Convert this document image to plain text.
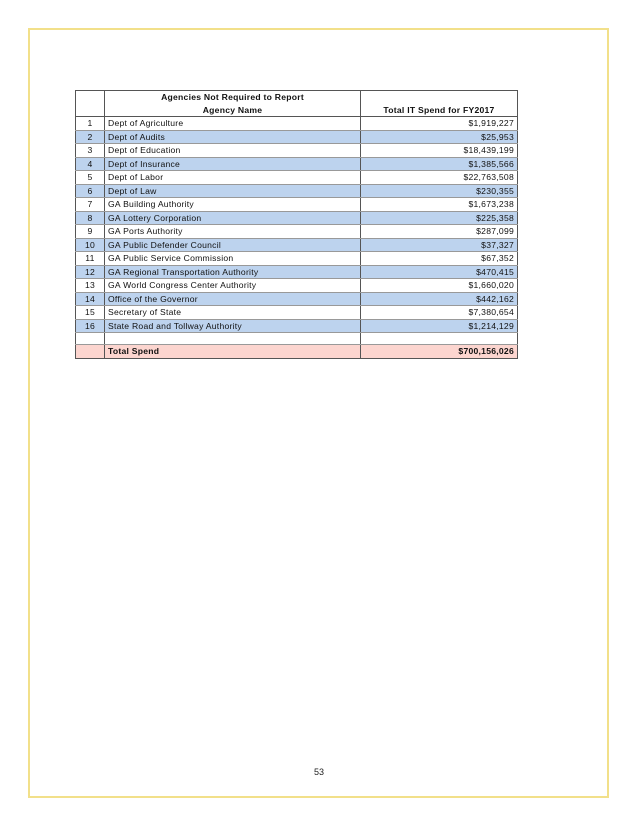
	Agencies Not Required to Report	
	Agency Name	Total IT Spend for FY2017
1	Dept of Agriculture	$1,919,227
2	Dept of Audits	$25,953
3	Dept of Education	$18,439,199
4	Dept of Insurance	$1,385,566
5	Dept of Labor	$22,763,508
6	Dept of Law	$230,355
7	GA Building Authority	$1,673,238
8	GA Lottery Corporation	$225,358
9	GA Ports Authority	$287,099
10	GA Public Defender Council	$37,327
11	GA Public Service Commission	$67,352
12	GA Regional Transportation Authority	$470,415
13	GA World Congress Center Authority	$1,660,020
14	Office of the Governor	$442,162
15	Secretary of State	$7,380,654
16	State Road and Tollway Authority	$1,214,129

	Total Spend	$700,156,026
53
